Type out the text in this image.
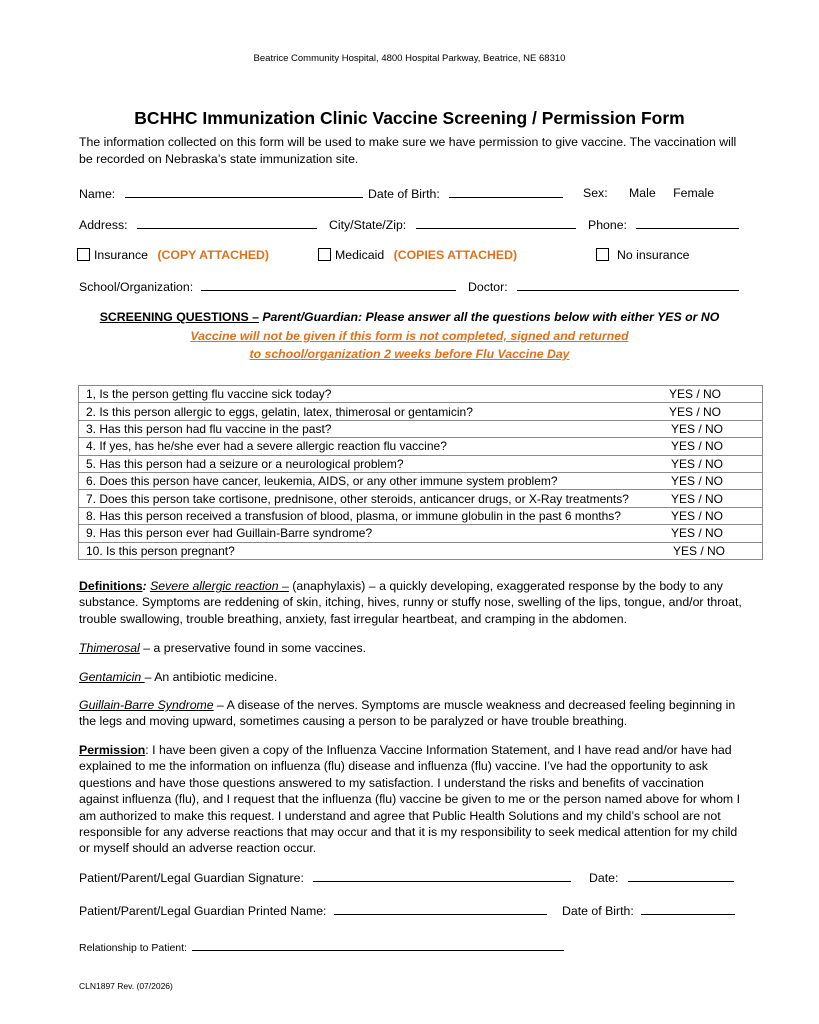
Beatrice Community Hospital, 4800 Hospital Parkway, Beatrice, NE 68310
BCHHC Immunization Clinic Vaccine Screening / Permission Form
The information collected on this form will be used to make sure we have permission to give vaccine. The vaccination will be recorded on Nebraska’s state immunization site.
Name:	Date of Birth:	Sex: Male Female
Address:	City/State/Zip:	Phone:
Insurance (COPY ATTACHED)	Medicaid (COPIES ATTACHED)	No insurance
School/Organization:	Doctor:
SCREENING QUESTIONS – Parent/Guardian: Please answer all the questions below with either YES or NO
Vaccine will not be given if this form is not completed, signed and returned
to school/organization 2 weeks before Flu Vaccine Day
1, Is the person getting flu vaccine sick today?	YES / NO
2. Is this person allergic to eggs, gelatin, latex, thimerosal or gentamicin?	YES / NO
3. Has this person had flu vaccine in the past?	YES / NO
4. If yes, has he/she ever had a severe allergic reaction flu vaccine?	YES / NO
5. Has this person had a seizure or a neurological problem?	YES / NO
6. Does this person have cancer, leukemia, AIDS, or any other immune system problem?	YES / NO
7. Does this person take cortisone, prednisone, other steroids, anticancer drugs, or X-Ray treatments?	YES / NO
8. Has this person received a transfusion of blood, plasma, or immune globulin in the past 6 months?	YES / NO
9. Has this person ever had Guillain-Barre syndrome?	YES / NO
10. Is this person pregnant?	YES / NO
Definitions: Severe allergic reaction – (anaphylaxis) – a quickly developing, exaggerated response by the body to any substance. Symptoms are reddening of skin, itching, hives, runny or stuffy nose, swelling of the lips, tongue, and/or throat, trouble swallowing, trouble breathing, anxiety, fast irregular heartbeat, and cramping in the abdomen.
Thimerosal – a preservative found in some vaccines.
Gentamicin – An antibiotic medicine.
Guillain-Barre Syndrome – A disease of the nerves. Symptoms are muscle weakness and decreased feeling beginning in the legs and moving upward, sometimes causing a person to be paralyzed or have trouble breathing.
Permission: I have been given a copy of the Influenza Vaccine Information Statement, and I have read and/or have had explained to me the information on influenza (flu) disease and influenza (flu) vaccine. I’ve had the opportunity to ask questions and have those questions answered to my satisfaction. I understand the risks and benefits of vaccination against influenza (flu), and I request that the influenza (flu) vaccine be given to me or the person named above for whom I am authorized to make this request. I understand and agree that Public Health Solutions and my child’s school are not responsible for any adverse reactions that may occur and that it is my responsibility to seek medical attention for my child or myself should an adverse reaction occur.
Patient/Parent/Legal Guardian Signature:	Date:
Patient/Parent/Legal Guardian Printed Name:	Date of Birth:
Relationship to Patient:
CLN1897 Rev. (07/2026)
